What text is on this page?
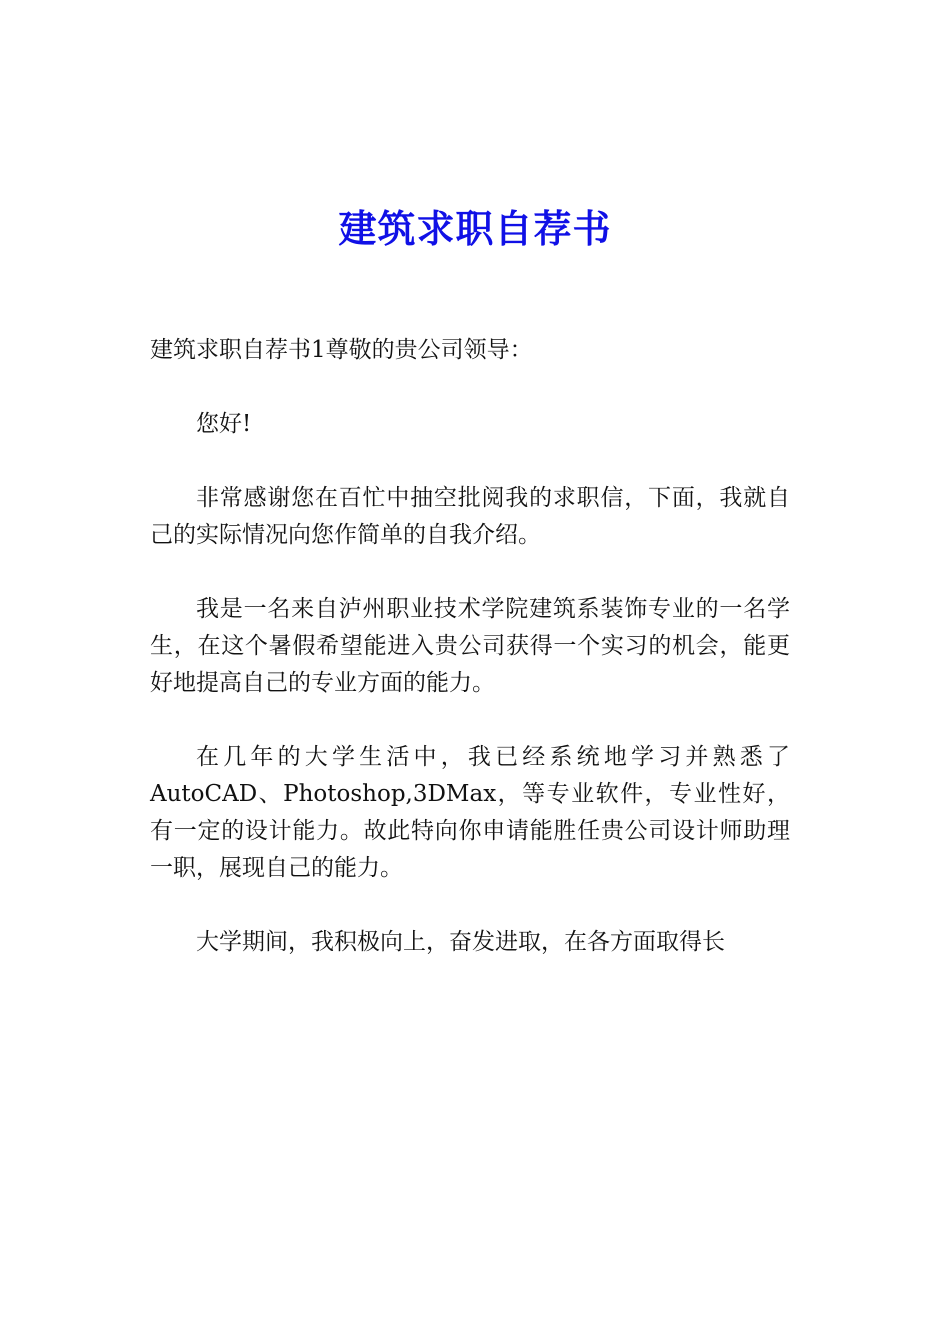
建筑求职自荐书

建筑求职自荐书1尊敬的贵公司领导：

您好!

非常感谢您在百忙中抽空批阅我的求职信，下面，我就自己的实际情况向您作简单的自我介绍。

我是一名来自泸州职业技术学院建筑系装饰专业的一名学生，在这个暑假希望能进入贵公司获得一个实习的机会，能更好地提高自己的专业方面的能力。

在几年的大学生活中，我已经系统地学习并熟悉了AutoCAD、Photoshop,3DMax，等专业软件，专业性好，有一定的设计能力。故此特向你申请能胜任贵公司设计师助理一职，展现自己的能力。

大学期间，我积极向上，奋发进取，在各方面取得长
